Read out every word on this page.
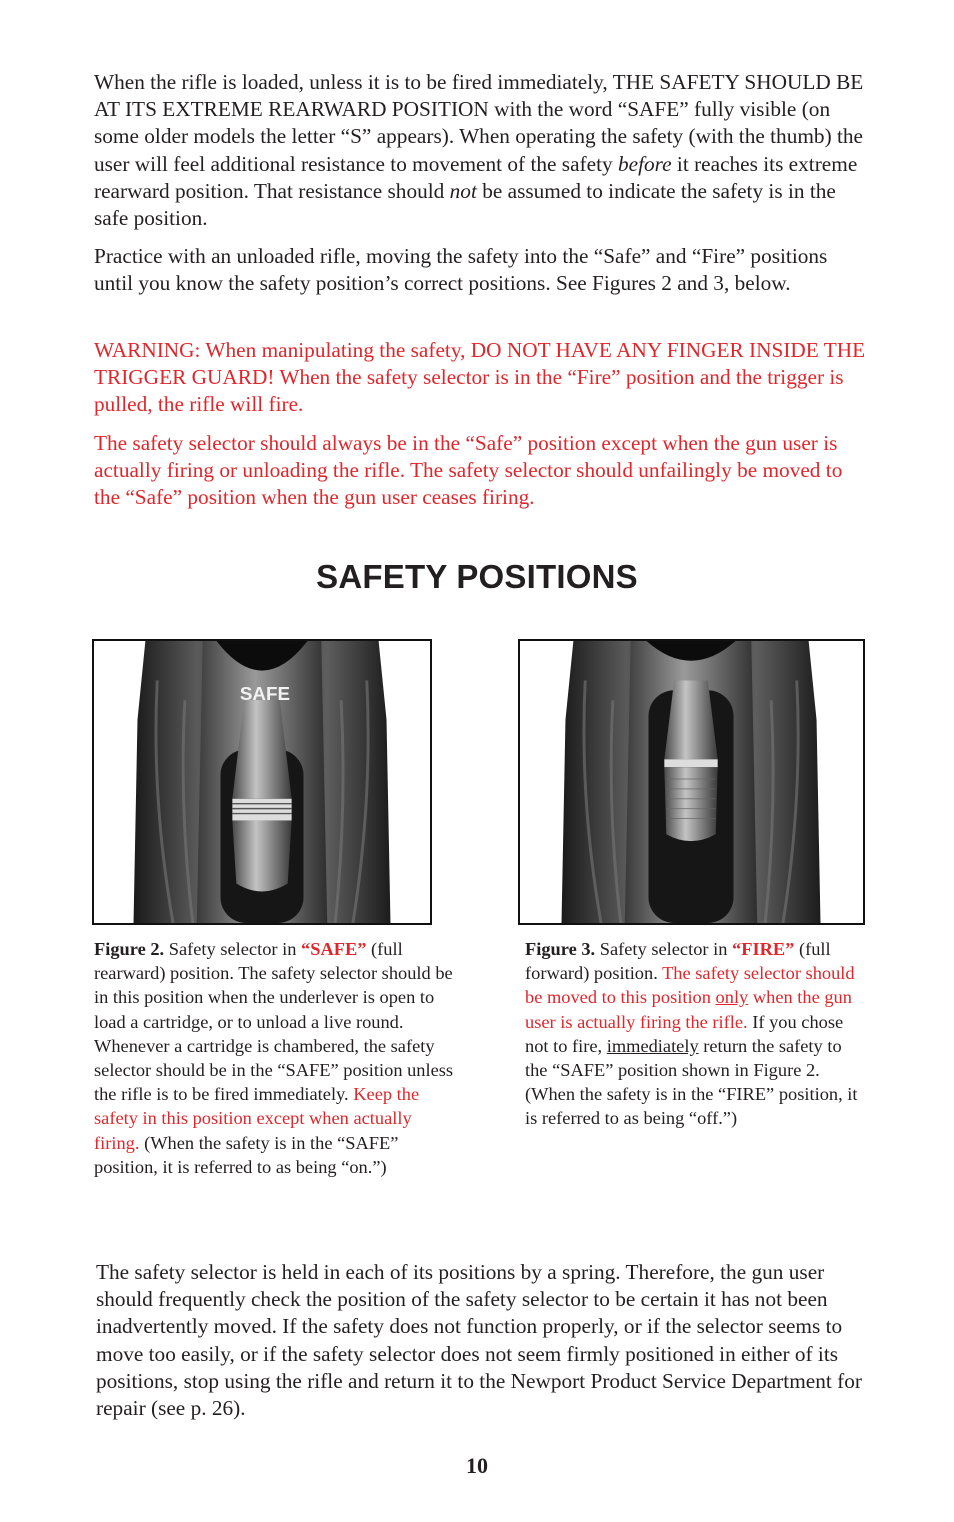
When the rifle is loaded, unless it is to be fired immediately, THE SAFETY SHOULD BE AT ITS EXTREME REARWARD POSITION with the word “SAFE” fully visible (on some older models the letter “S” appears). When operating the safety (with the thumb) the user will feel additional resistance to movement of the safety before it reaches its extreme rearward position. That resistance should not be assumed to indicate the safety is in the safe position.

Practice with an unloaded rifle, moving the safety into the “Safe” and “Fire” positions until you know the safety position’s correct positions. See Figures 2 and 3, below.

WARNING: When manipulating the safety, DO NOT HAVE ANY FINGER INSIDE THE TRIGGER GUARD! When the safety selector is in the “Fire” position and the trigger is pulled, the rifle will fire.

The safety selector should always be in the “Safe” position except when the gun user is actually firing or unloading the rifle. The safety selector should unfailingly be moved to the “Safe” position when the gun user ceases firing.

SAFETY POSITIONS
SAFE

Figure 2. Safety selector in “SAFE” (full rearward) position. The safety selector should be in this position when the underlever is open to load a cartridge, or to unload a live round. Whenever a cartridge is chambered, the safety selector should be in the “SAFE” position unless the rifle is to be fired immediately. Keep the safety in this position except when actually firing. (When the safety is in the “SAFE” position, it is referred to as being “on.”)

Figure 3. Safety selector in “FIRE” (full forward) position. The safety selector should be moved to this position only when the gun user is actually firing the rifle. If you chose not to fire, immediately return the safety to the “SAFE” position shown in Figure 2. (When the safety is in the “FIRE” position, it is referred to as being “off.”)

The safety selector is held in each of its positions by a spring. Therefore, the gun user should frequently check the position of the safety selector to be certain it has not been inadvertently moved. If the safety does not function properly, or if the selector seems to move too easily, or if the safety selector does not seem firmly positioned in either of its positions, stop using the rifle and return it to the Newport Product Service Department for repair (see p. 26).

10
